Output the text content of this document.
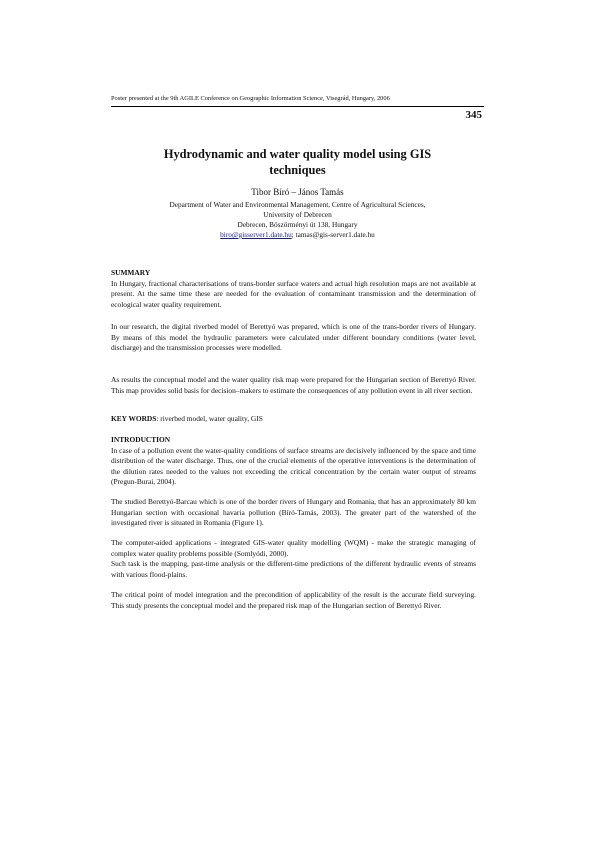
Poster presented at the 9th AGILE Conference on Geographic Information Science, Visegrád, Hungary, 2006
345
Hydrodynamic and water quality model using GIS
techniques
Tibor Bíró – János Tamás
Department of Water and Environmental Management, Centre of Agricultural Sciences,
University of Debrecen
Debrecen, Böszörményi út 138, Hungary
biro@gisserver1.date.hu; tamas@gis-server1.date.hu
SUMMARY

In Hungary, fractional characterisations of trans-border surface waters and actual high resolution maps are not available at present. At the same time these are needed for the evaluation of contaminant transmission and the determination of ecological water quality requirement.

In our research, the digital riverbed model of Berettyó was prepared, which is one of the trans-border rivers of Hungary. By means of this model the hydraulic parameters were calculated under different boundary conditions (water level, discharge) and the transmission processes were modelled.

As results the conceptual model and the water quality risk map were prepared for the Hungarian section of Berettyó River. This map provides solid basis for decision–makers to estimate the consequences of any pollution event in all river section.

KEY WORDS: riverbed model, water quality, GIS
INTRODUCTION

In case of a pollution event the water-quality conditions of surface streams are decisively influenced by the space and time distribution of the water discharge. Thus, one of the crucial elements of the operative interventions is the determination of the dilution rates needed to the values not exceeding the critical concentration by the certain water output of streams (Pregun-Burai, 2004).

The studied Berettyó-Barcau which is one of the border rivers of Hungary and Romania, that has an approximately 80 km Hungarian section with occasional havaria pollution (Bíró-Tamás, 2003). The greater part of the watershed of the investigated river is situated in Romania (Figure 1).

The computer-aided applications - integrated GIS-water quality modelling (WQM) - make the strategic managing of complex water quality problems possible (Somlyódi, 2000).

Such task is the mapping, past-time analysis or the different-time predictions of the different hydraulic events of streams with various flood-plains.

The critical point of model integration and the precondition of applicability of the result is the accurate field surveying. This study presents the conceptual model and the prepared risk map of the Hungarian section of Berettyó River.
